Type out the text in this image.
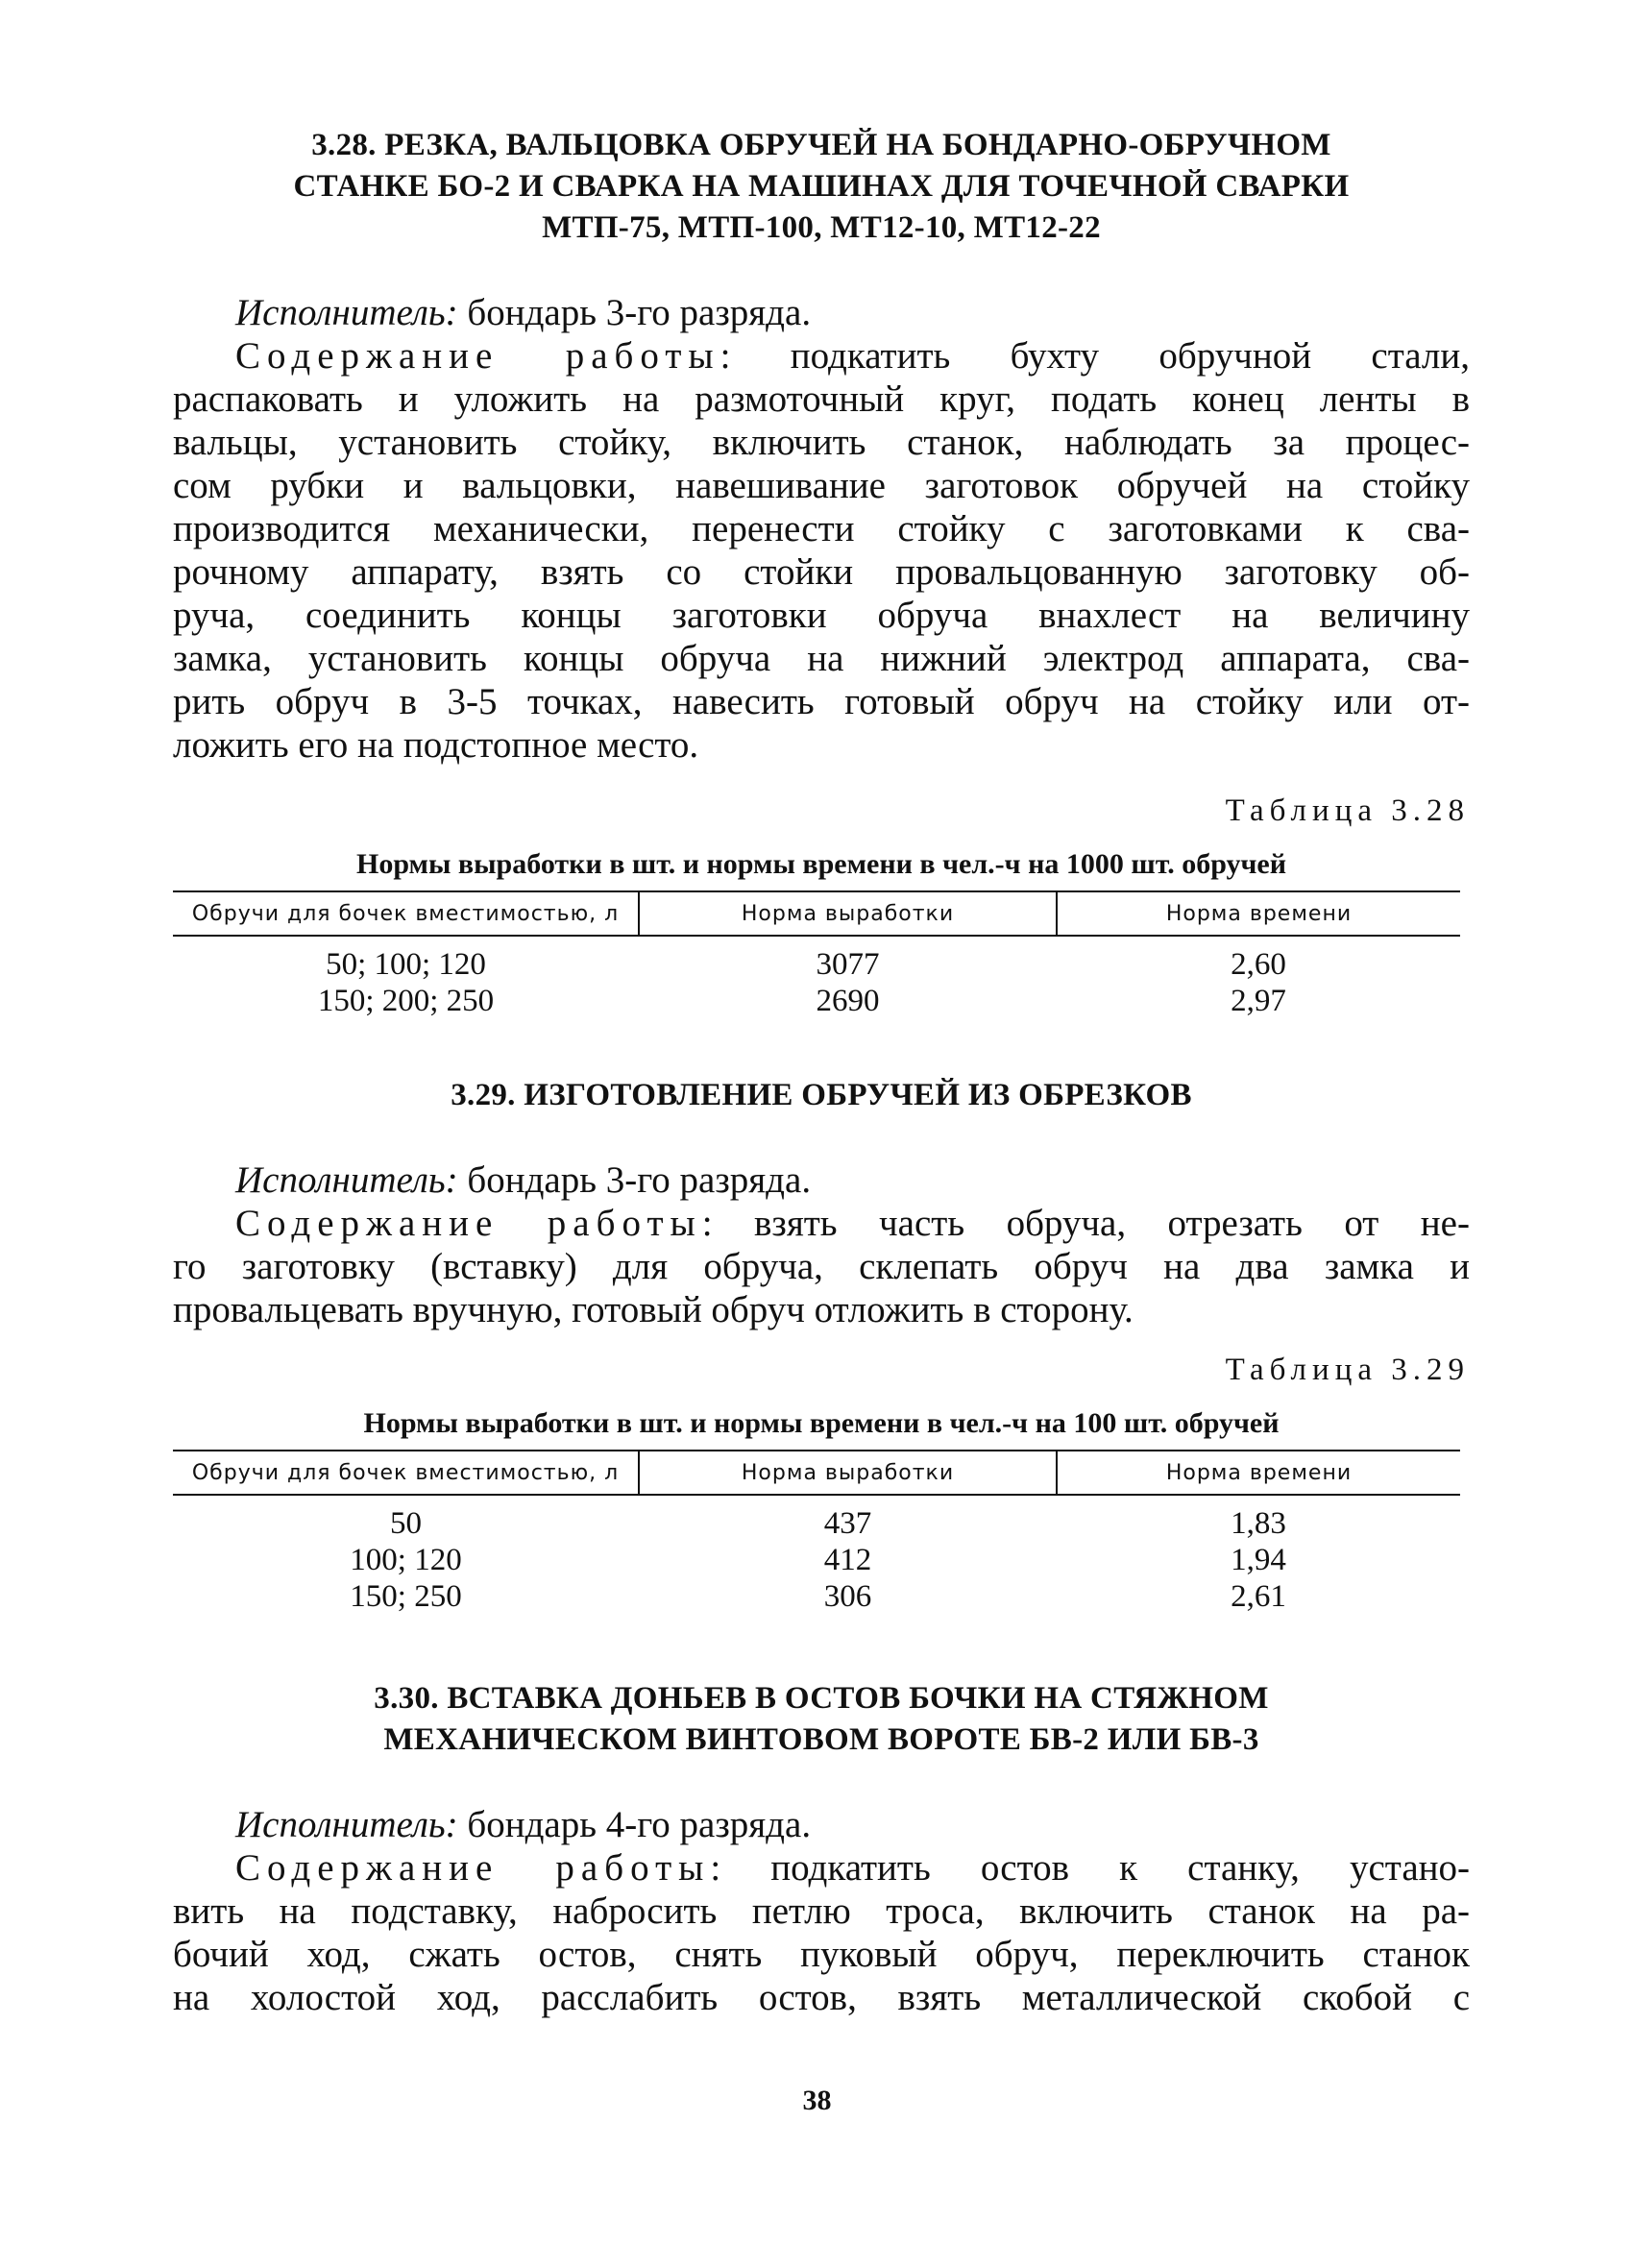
3.28. РЕЗКА, ВАЛЬЦОВКА ОБРУЧЕЙ НА БОНДАРНО-ОБРУЧНОМ
СТАНКЕ БО-2 И СВАРКА НА МАШИНАХ ДЛЯ ТОЧЕЧНОЙ СВАРКИ
МТП-75, МТП-100, МТ12-10, МТ12-22
Исполнитель: бондарь 3-го разряда.
Содержание работы: подкатить бухту обручной стали,
распаковать и уложить на размоточный круг, подать конец ленты в
вальцы, установить стойку, включить станок, наблюдать за процес-
сом рубки и вальцовки, навешивание заготовок обручей на стойку
производится механически, перенести стойку с заготовками к сва-
рочному аппарату, взять со стойки провальцованную заготовку об-
руча, соединить концы заготовки обруча внахлест на величину
замка, установить концы обруча на нижний электрод аппарата, сва-
рить обруч в 3-5 точках, навесить готовый обруч на стойку или от-
ложить его на подстопное место.
Таблица 3.28
Нормы выработки в шт. и нормы времени в чел.-ч на 1000 шт. обручей
Обручи для бочек вместимостью, л	Норма выработки	Норма времени
50; 100; 120	3077	2,60
150; 200; 250	2690	2,97
3.29. ИЗГОТОВЛЕНИЕ ОБРУЧЕЙ ИЗ ОБРЕЗКОВ
Исполнитель: бондарь 3-го разряда.
Содержание работы: взять часть обруча, отрезать от не-
го заготовку (вставку) для обруча, склепать обруч на два замка и
провальцевать вручную, готовый обруч отложить в сторону.
Таблица 3.29
Нормы выработки в шт. и нормы времени в чел.-ч на 100 шт. обручей
Обручи для бочек вместимостью, л	Норма выработки	Норма времени
50	437	1,83
100; 120	412	1,94
150; 250	306	2,61
3.30. ВСТАВКА ДОНЬЕВ В ОСТОВ БОЧКИ НА СТЯЖНОМ
МЕХАНИЧЕСКОМ ВИНТОВОМ ВОРОТЕ БВ-2 ИЛИ БВ-3
Исполнитель: бондарь 4-го разряда.
Содержание работы: подкатить остов к станку, устано-
вить на подставку, набросить петлю троса, включить станок на ра-
бочий ход, сжать остов, снять пуковый обруч, переключить станок
на холостой ход, расслабить остов, взять металлической скобой с
38
